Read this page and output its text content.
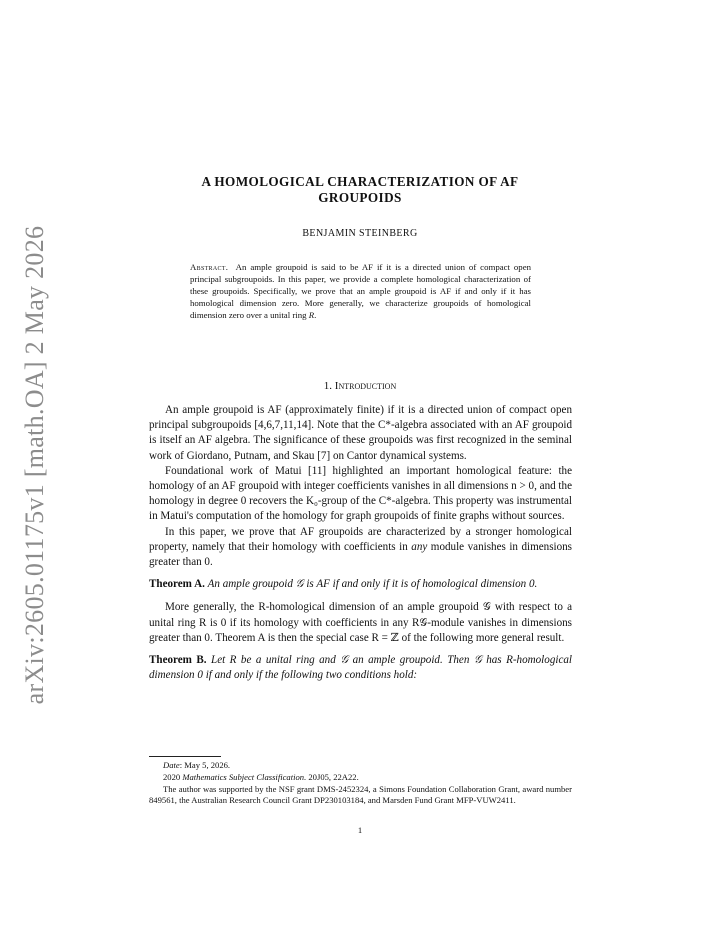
arXiv:2605.01175v1 [math.OA] 2 May 2026
A HOMOLOGICAL CHARACTERIZATION OF AF
GROUPOIDS
BENJAMIN STEINBERG

Abstract. An ample groupoid is said to be AF if it is a directed union of compact open principal subgroupoids. In this paper, we provide a complete homological characterization of these groupoids. Specifically, we prove that an ample groupoid is AF if and only if it has homological dimension zero. More generally, we characterize groupoids of homological dimension zero over a unital ring R.

1. Introduction

An ample groupoid is AF (approximately finite) if it is a directed union of compact open principal subgroupoids [4,6,7,11,14]. Note that the C*-algebra associated with an AF groupoid is itself an AF algebra. The significance of these groupoids was first recognized in the seminal work of Giordano, Putnam, and Skau [7] on Cantor dynamical systems.

Foundational work of Matui [11] highlighted an important homological feature: the homology of an AF groupoid with integer coefficients vanishes in all dimensions n > 0, and the homology in degree 0 recovers the K₀-group of the C*-algebra. This property was instrumental in Matui's computation of the homology for graph groupoids of finite graphs without sources.

In this paper, we prove that AF groupoids are characterized by a stronger homological property, namely that their homology with coefficients in any module vanishes in dimensions greater than 0.

Theorem A. An ample groupoid 𝒢 is AF if and only if it is of homological dimension 0.

More generally, the R-homological dimension of an ample groupoid 𝒢 with respect to a unital ring R is 0 if its homology with coefficients in any R𝒢-module vanishes in dimensions greater than 0. Theorem A is then the special case R = ℤ of the following more general result.

Theorem B. Let R be a unital ring and 𝒢 an ample groupoid. Then 𝒢 has R-homological dimension 0 if and only if the following two conditions hold:

Date: May 5, 2026.

2020 Mathematics Subject Classification. 20J05, 22A22.

The author was supported by the NSF grant DMS-2452324, a Simons Foundation Collaboration Grant, award number 849561, the Australian Research Council Grant DP230103184, and Marsden Fund Grant MFP-VUW2411.

1
